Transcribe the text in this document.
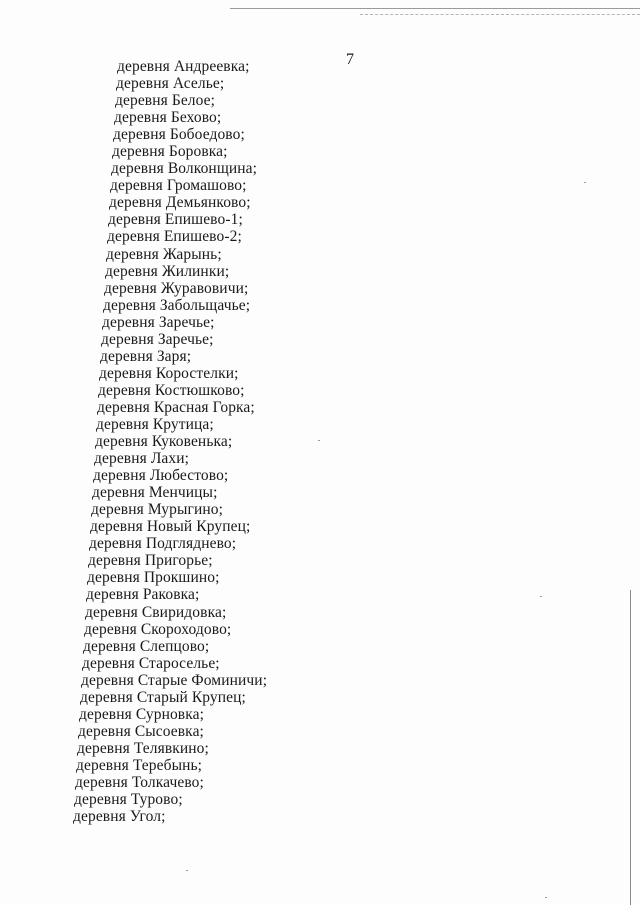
7
деревня Андреевка;
деревня Аселье;
деревня Белое;
деревня Бехово;
деревня Бобоедово;
деревня Боровка;
деревня Волконщина;
деревня Громашово;
деревня Демьянково;
деревня Епишево-1;
деревня Епишево-2;
деревня Жарынь;
деревня Жилинки;
деревня Журавовичи;
деревня Забольщачье;
деревня Заречье;
деревня Заречье;
деревня Заря;
деревня Коростелки;
деревня Костюшково;
деревня Красная Горка;
деревня Крутица;
деревня Куковенька;
деревня Лахи;
деревня Любестово;
деревня Менчицы;
деревня Мурыгино;
деревня Новый Крупец;
деревня Подгляднево;
деревня Пригорье;
деревня Прокшино;
деревня Раковка;
деревня Свиридовка;
деревня Скороходово;
деревня Слепцово;
деревня Староселье;
деревня Старые Фоминичи;
деревня Старый Крупец;
деревня Сурновка;
деревня Сысоевка;
деревня Телявкино;
деревня Теребынь;
деревня Толкачево;
деревня Турово;
деревня Угол;
